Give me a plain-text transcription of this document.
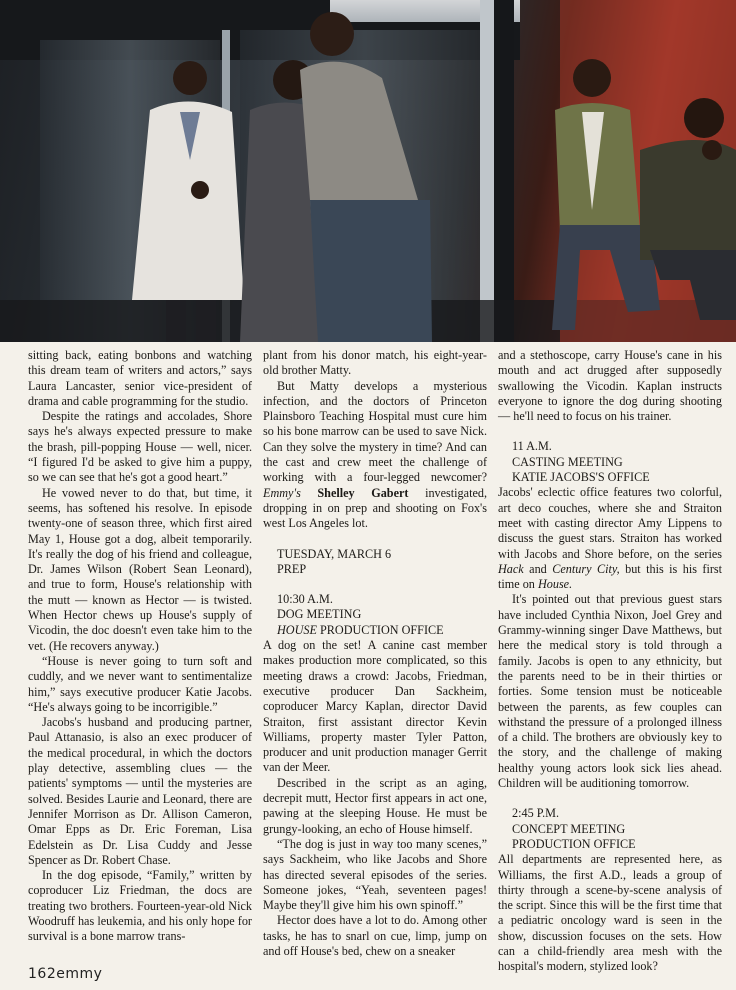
sitting back, eating bonbons and watching this dream team of writers and actors,” says Laura Lancaster, senior vice-president of drama and cable programming for the studio.

Despite the ratings and accolades, Shore says he's always expected pressure to make the brash, pill-popping House — well, nicer. “I figured I'd be asked to give him a puppy, so we can see that he's got a good heart.”

He vowed never to do that, but time, it seems, has softened his resolve. In episode twenty-one of season three, which first aired May 1, House got a dog, albeit temporarily. It's really the dog of his friend and colleague, Dr. James Wilson (Robert Sean Leonard), and true to form, House's relationship with the mutt — known as Hector — is twisted. When Hector chews up House's supply of Vicodin, the doc doesn't even take him to the vet. (He recovers anyway.)

“House is never going to turn soft and cuddly, and we never want to sentimentalize him,” says executive producer Katie Jacobs. “He's always going to be incorrigible.”

Jacobs's husband and producing partner, Paul Attanasio, is also an exec producer of the medical procedural, in which the doctors play detective, assembling clues — the patients' symptoms — until the mysteries are solved. Besides Laurie and Leonard, there are Jennifer Morrison as Dr. Allison Cameron, Omar Epps as Dr. Eric Foreman, Lisa Edelstein as Dr. Lisa Cuddy and Jesse Spencer as Dr. Robert Chase.

In the dog episode, “Family,” written by coproducer Liz Friedman, the docs are treating two brothers. Fourteen-year-old Nick Woodruff has leukemia, and his only hope for survival is a bone marrow trans-

plant from his donor match, his eight-year-old brother Matty.

But Matty develops a mysterious infection, and the doctors of Princeton Plainsboro Teaching Hospital must cure him so his bone marrow can be used to save Nick. Can they solve the mystery in time? And can the cast and crew meet the challenge of working with a four-legged newcomer? Emmy's Shelley Gabert investigated, dropping in on prep and shooting on Fox's west Los Angeles lot.

TUESDAY, MARCH 6

PREP

10:30 A.M.

DOG MEETING

HOUSE PRODUCTION OFFICE

A dog on the set! A canine cast member makes production more complicated, so this meeting draws a crowd: Jacobs, Friedman, executive producer Dan Sackheim, coproducer Marcy Kaplan, director David Straiton, first assistant director Kevin Williams, property master Tyler Patton, producer and unit production manager Gerrit van der Meer.

Described in the script as an aging, decrepit mutt, Hector first appears in act one, pawing at the sleeping House. He must be grungy-looking, an echo of House himself.

“The dog is just in way too many scenes,” says Sackheim, who like Jacobs and Shore has directed several episodes of the series. Someone jokes, “Yeah, seventeen pages! Maybe they'll give him his own spinoff.”

Hector does have a lot to do. Among other tasks, he has to snarl on cue, limp, jump on and off House's bed, chew on a sneaker

and a stethoscope, carry House's cane in his mouth and act drugged after supposedly swallowing the Vicodin. Kaplan instructs everyone to ignore the dog during shooting — he'll need to focus on his trainer.

11 A.M.

CASTING MEETING

KATIE JACOBS'S OFFICE

Jacobs' eclectic office features two colorful, art deco couches, where she and Straiton meet with casting director Amy Lippens to discuss the guest stars. Straiton has worked with Jacobs and Shore before, on the series Hack and Century City, but this is his first time on House.

It's pointed out that previous guest stars have included Cynthia Nixon, Joel Grey and Grammy-winning singer Dave Matthews, but here the medical story is told through a family. Jacobs is open to any ethnicity, but the parents need to be in their thirties or forties. Some tension must be noticeable between the parents, as few couples can withstand the pressure of a prolonged illness of a child. The brothers are obviously key to the story, and the challenge of making healthy young actors look sick lies ahead. Children will be auditioning tomorrow.

2:45 P.M.

CONCEPT MEETING

PRODUCTION OFFICE

All departments are represented here, as Williams, the first A.D., leads a group of thirty through a scene-by-scene analysis of the script. Since this will be the first time that a pediatric oncology ward is seen in the show, discussion focuses on the sets. How can a child-friendly area mesh with the hospital's modern, stylized look?

162emmy
